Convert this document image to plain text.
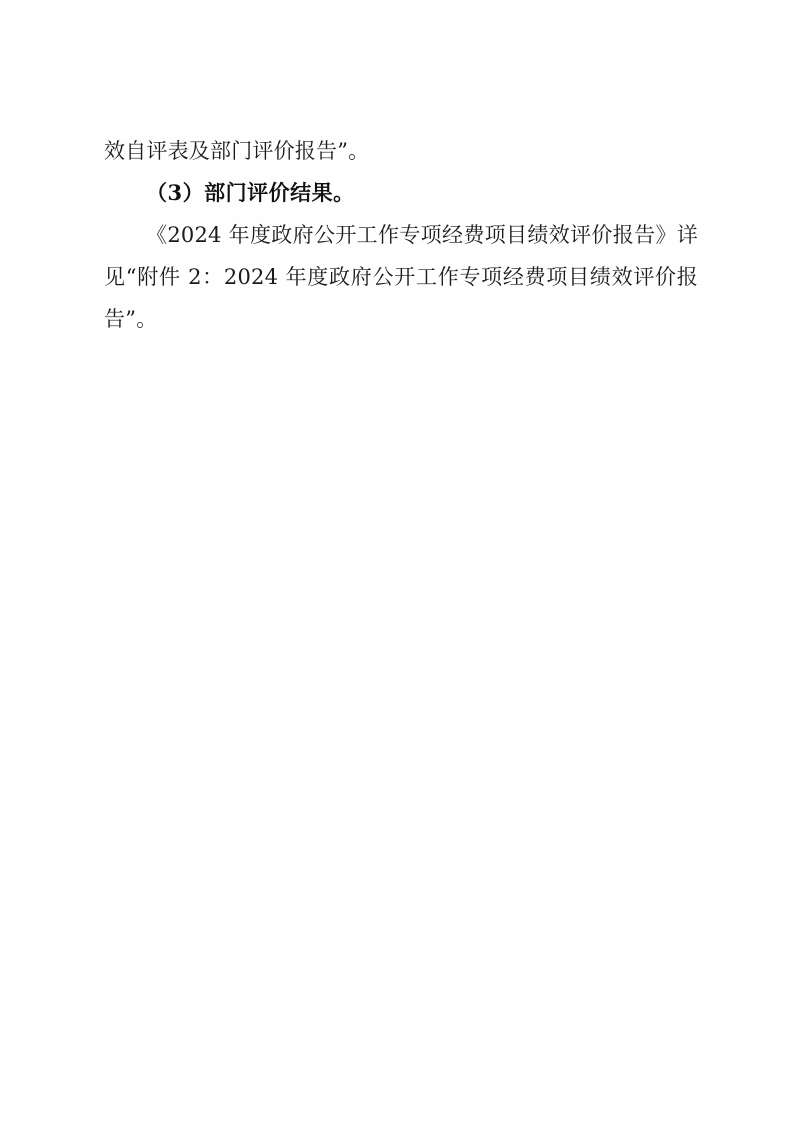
效自评表及部门评价报告”。

（3）部门评价结果。

《2024 年度政府公开工作专项经费项目绩效评价报告》详见“附件 2：2024 年度政府公开工作专项经费项目绩效评价报告”。
